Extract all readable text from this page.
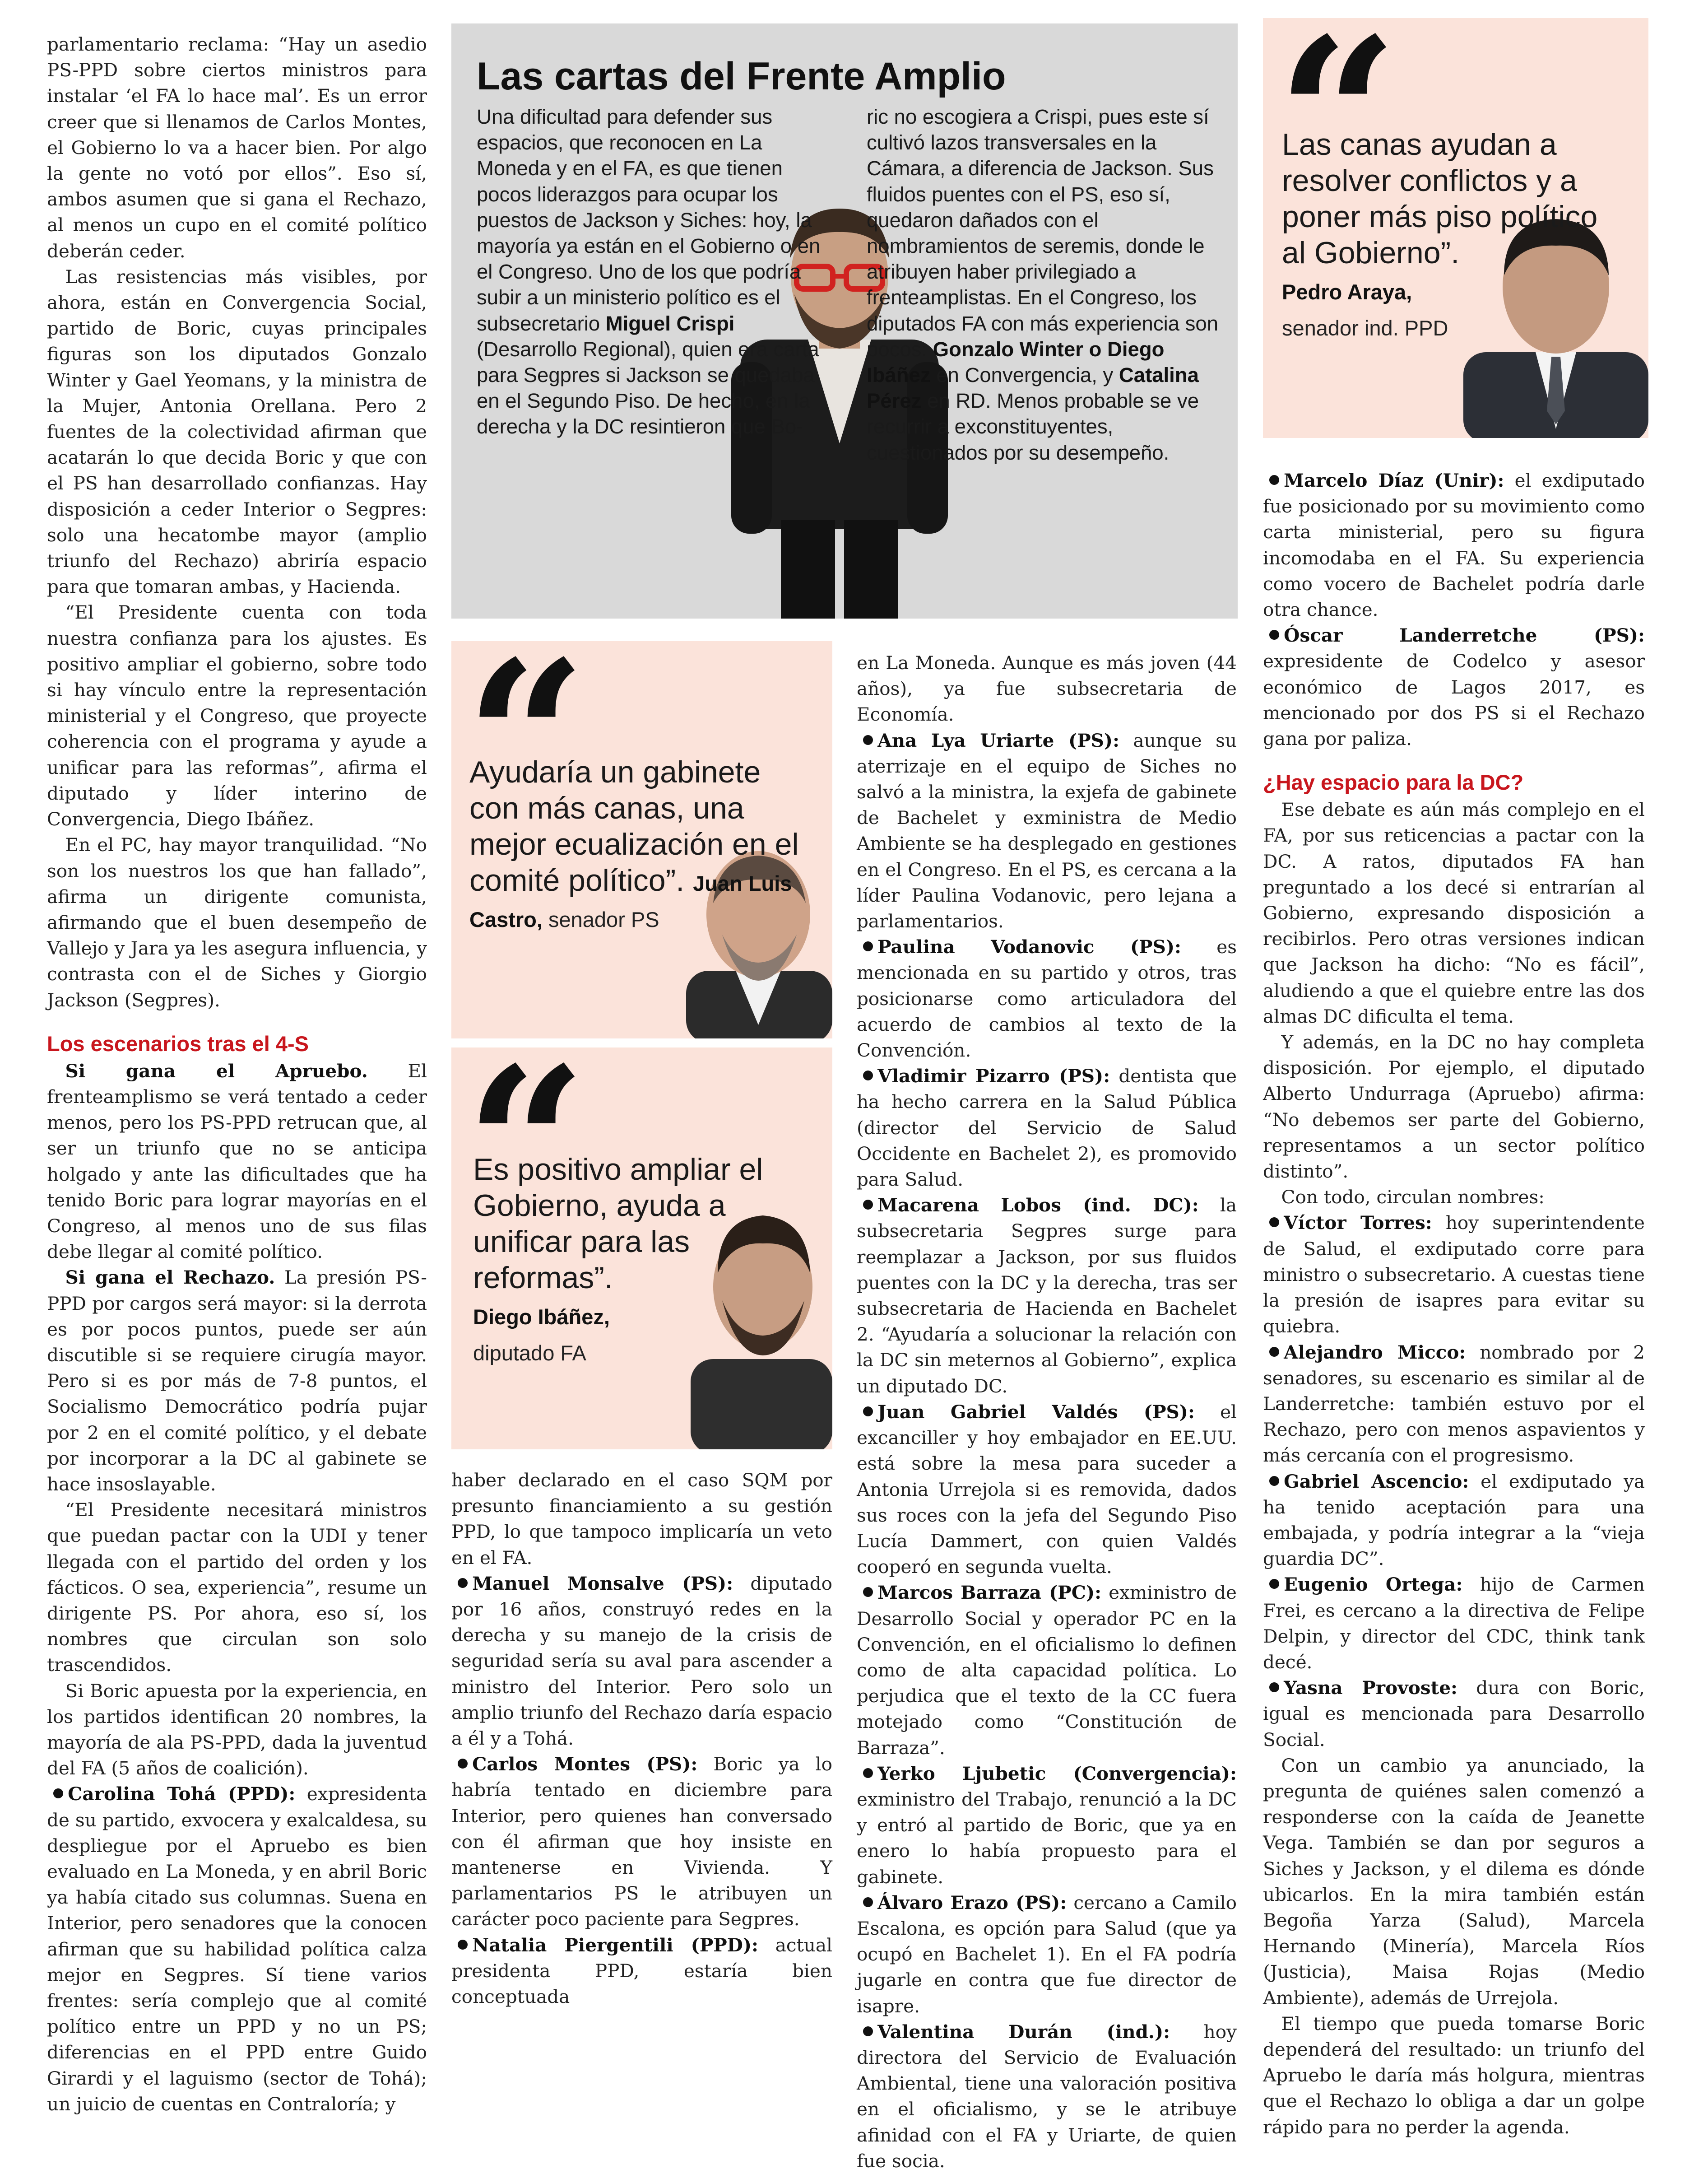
parlamentario reclama: “Hay un asedio PS-PPD sobre ciertos ministros para instalar ‘el FA lo hace mal’. Es un error creer que si llenamos de Carlos Montes, el Gobierno lo va a hacer bien. Por algo la gente no votó por ellos”. Eso sí, ambos asumen que si gana el Rechazo, al menos un cupo en el comité político deberán ceder.

Las resistencias más visibles, por ahora, están en Convergencia Social, partido de Boric, cuyas principales figuras son los diputados Gonzalo Winter y Gael Yeomans, y la ministra de la Mujer, Antonia Orellana. Pero 2 fuentes de la colectividad afirman que acatarán lo que decida Boric y que con el PS han desarrollado confianzas. Hay disposición a ceder Interior o Segpres: solo una hecatombe mayor (amplio triunfo del Rechazo) abriría espacio para que tomaran ambas, y Hacienda.

“El Presidente cuenta con toda nuestra confianza para los ajustes. Es positivo ampliar el gobierno, sobre todo si hay vínculo entre la representación ministerial y el Congreso, que proyecte coherencia con el programa y ayude a unificar para las reformas”, afirma el diputado y líder interino de Convergencia, Diego Ibáñez.

En el PC, hay mayor tranquilidad. “No son los nuestros los que han fallado”, afirma un dirigente comunista, afirmando que el buen desempeño de Vallejo y Jara ya les asegura influencia, y contrasta con el de Siches y Giorgio Jackson (Segpres).

Los escenarios tras el 4-S

Si gana el Apruebo. El frenteamplismo se verá tentado a ceder menos, pero los PS-PPD retrucan que, al ser un triunfo que no se anticipa holgado y ante las dificultades que ha tenido Boric para lograr mayorías en el Congreso, al menos uno de sus filas debe llegar al comité político.

Si gana el Rechazo. La presión PS-PPD por cargos será mayor: si la derrota es por pocos puntos, puede ser aún discutible si se requiere cirugía mayor. Pero si es por más de 7-8 puntos, el Socialismo Democrático podría pujar por 2 en el comité político, y el debate por incorporar a la DC al gabinete se hace insoslayable.

“El Presidente necesitará ministros que puedan pactar con la UDI y tener llegada con el partido del orden y los fácticos. O sea, experiencia”, resume un dirigente PS. Por ahora, eso sí, los nombres que circulan son solo trascendidos.

Si Boric apuesta por la experiencia, en los partidos identifican 20 nombres, la mayoría de ala PS-PPD, dada la juventud del FA (5 años de coalición).

Carolina Tohá (PPD): expresidenta de su partido, exvocera y exalcaldesa, su despliegue por el Apruebo es bien evaluado en La Moneda, y en abril Boric ya había citado sus columnas. Suena en Interior, pero senadores que la conocen afirman que su habilidad política calza mejor en Segpres. Sí tiene varios frentes: sería complejo que al comité político entre un PPD y no un PS; diferencias en el PPD entre Guido Girardi y el laguismo (sector de Tohá); un juicio de cuentas en Contraloría; y

Las cartas del Frente Amplio
Una dificultad para defender sus espacios, que reconocen en La Moneda y en el FA, es que tienen pocos liderazgos para ocupar los puestos de Jackson y Siches: hoy, la mayoría ya están en el Gobierno o en el Congreso. Uno de los que podría subir a un ministerio político es el subsecretario Miguel Crispi (Desarrollo Regional), quien era carta para Segpres si Jackson se quedaba en el Segundo Piso. De hecho, en la derecha y la DC resintieron que Bo-
ric no escogiera a Crispi, pues este sí cultivó lazos transversales en la Cámara, a diferencia de Jackson. Sus fluidos puentes con el PS, eso sí, quedaron dañados con el nombramientos de seremis, donde le atribuyen haber privilegiado a frenteamplistas. En el Congreso, los diputados FA con más experiencia son pocos: Gonzalo Winter o Diego Ibáñez en Convergencia, y Catalina Pérez en RD. Menos probable se ve recurrir a exconstituyentes, cuestionados por su desempeño.
Ayudaría un gabinete con más canas, una mejor ecualización en el comité político”. Juan Luis Castro, senador PS
Es positivo ampliar el Gobierno, ayuda a unificar para las reformas”.
Diego Ibáñez,
diputado FA
Las canas ayudan a resolver conflictos y a poner más piso político al Gobierno”.
Pedro Araya,
senador ind. PPD

haber declarado en el caso SQM por presunto financiamiento a su gestión PPD, lo que tampoco implicaría un veto en el FA.

Manuel Monsalve (PS): diputado por 16 años, construyó redes en la derecha y su manejo de la crisis de seguridad sería su aval para ascender a ministro del Interior. Pero solo un amplio triunfo del Rechazo daría espacio a él y a Tohá.

Carlos Montes (PS): Boric ya lo habría tentado en diciembre para Interior, pero quienes han conversado con él afirman que hoy insiste en mantenerse en Vivienda. Y parlamentarios PS le atribuyen un carácter poco paciente para Segpres.

Natalia Piergentili (PPD): actual presidenta PPD, estaría bien conceptuada

en La Moneda. Aunque es más joven (44 años), ya fue subsecretaria de Economía.

Ana Lya Uriarte (PS): aunque su aterrizaje en el equipo de Siches no salvó a la ministra, la exjefa de gabinete de Bachelet y exministra de Medio Ambiente se ha desplegado en gestiones en el Congreso. En el PS, es cercana a la líder Paulina Vodanovic, pero lejana a parlamentarios.

Paulina Vodanovic (PS): es mencionada en su partido y otros, tras posicionarse como articuladora del acuerdo de cambios al texto de la Convención.

Vladimir Pizarro (PS): dentista que ha hecho carrera en la Salud Pública (director del Servicio de Salud Occidente en Bachelet 2), es promovido para Salud.

Macarena Lobos (ind. DC): la subsecretaria Segpres surge para reemplazar a Jackson, por sus fluidos puentes con la DC y la derecha, tras ser subsecretaria de Hacienda en Bachelet 2. “Ayudaría a solucionar la relación con la DC sin meternos al Gobierno”, explica un diputado DC.

Juan Gabriel Valdés (PS): el excanciller y hoy embajador en EE.UU. está sobre la mesa para suceder a Antonia Urrejola si es removida, dados sus roces con la jefa del Segundo Piso Lucía Dammert, con quien Valdés cooperó en segunda vuelta.

Marcos Barraza (PC): exministro de Desarrollo Social y operador PC en la Convención, en el oficialismo lo definen como de alta capacidad política. Lo perjudica que el texto de la CC fuera motejado como “Constitución de Barraza”.

Yerko Ljubetic (Convergencia): exministro del Trabajo, renunció a la DC y entró al partido de Boric, que ya en enero lo había propuesto para el gabinete.

Álvaro Erazo (PS): cercano a Camilo Escalona, es opción para Salud (que ya ocupó en Bachelet 1). En el FA podría jugarle en contra que fue director de isapre.

Valentina Durán (ind.): hoy directora del Servicio de Evaluación Ambiental, tiene una valoración positiva en el oficialismo, y se le atribuye afinidad con el FA y Uriarte, de quien fue socia.

Marcelo Díaz (Unir): el exdiputado fue posicionado por su movimiento como carta ministerial, pero su figura incomodaba en el FA. Su experiencia como vocero de Bachelet podría darle otra chance.

Óscar Landerretche (PS): expresidente de Codelco y asesor económico de Lagos 2017, es mencionado por dos PS si el Rechazo gana por paliza.

¿Hay espacio para la DC?

Ese debate es aún más complejo en el FA, por sus reticencias a pactar con la DC. A ratos, diputados FA han preguntado a los decé si entrarían al Gobierno, expresando disposición a recibirlos. Pero otras versiones indican que Jackson ha dicho: “No es fácil”, aludiendo a que el quiebre entre las dos almas DC dificulta el tema.

Y además, en la DC no hay completa disposición. Por ejemplo, el diputado Alberto Undurraga (Apruebo) afirma: “No debemos ser parte del Gobierno, representamos a un sector político distinto”.

Con todo, circulan nombres:

Víctor Torres: hoy superintendente de Salud, el exdiputado corre para ministro o subsecretario. A cuestas tiene la presión de isapres para evitar su quiebra.

Alejandro Micco: nombrado por 2 senadores, su escenario es similar al de Landerretche: también estuvo por el Rechazo, pero con menos aspavientos y más cercanía con el progresismo.

Gabriel Ascencio: el exdiputado ya ha tenido aceptación para una embajada, y podría integrar a la “vieja guardia DC”.

Eugenio Ortega: hijo de Carmen Frei, es cercano a la directiva de Felipe Delpin, y director del CDC, think tank decé.

Yasna Provoste: dura con Boric, igual es mencionada para Desarrollo Social.

Con un cambio ya anunciado, la pregunta de quiénes salen comenzó a responderse con la caída de Jeanette Vega. También se dan por seguros a Siches y Jackson, y el dilema es dónde ubicarlos. En la mira también están Begoña Yarza (Salud), Marcela Hernando (Minería), Marcela Ríos (Justicia), Maisa Rojas (Medio Ambiente), además de Urrejola.

El tiempo que pueda tomarse Boric dependerá del resultado: un triunfo del Apruebo le daría más holgura, mientras que el Rechazo lo obliga a dar un golpe rápido para no perder la agenda.
